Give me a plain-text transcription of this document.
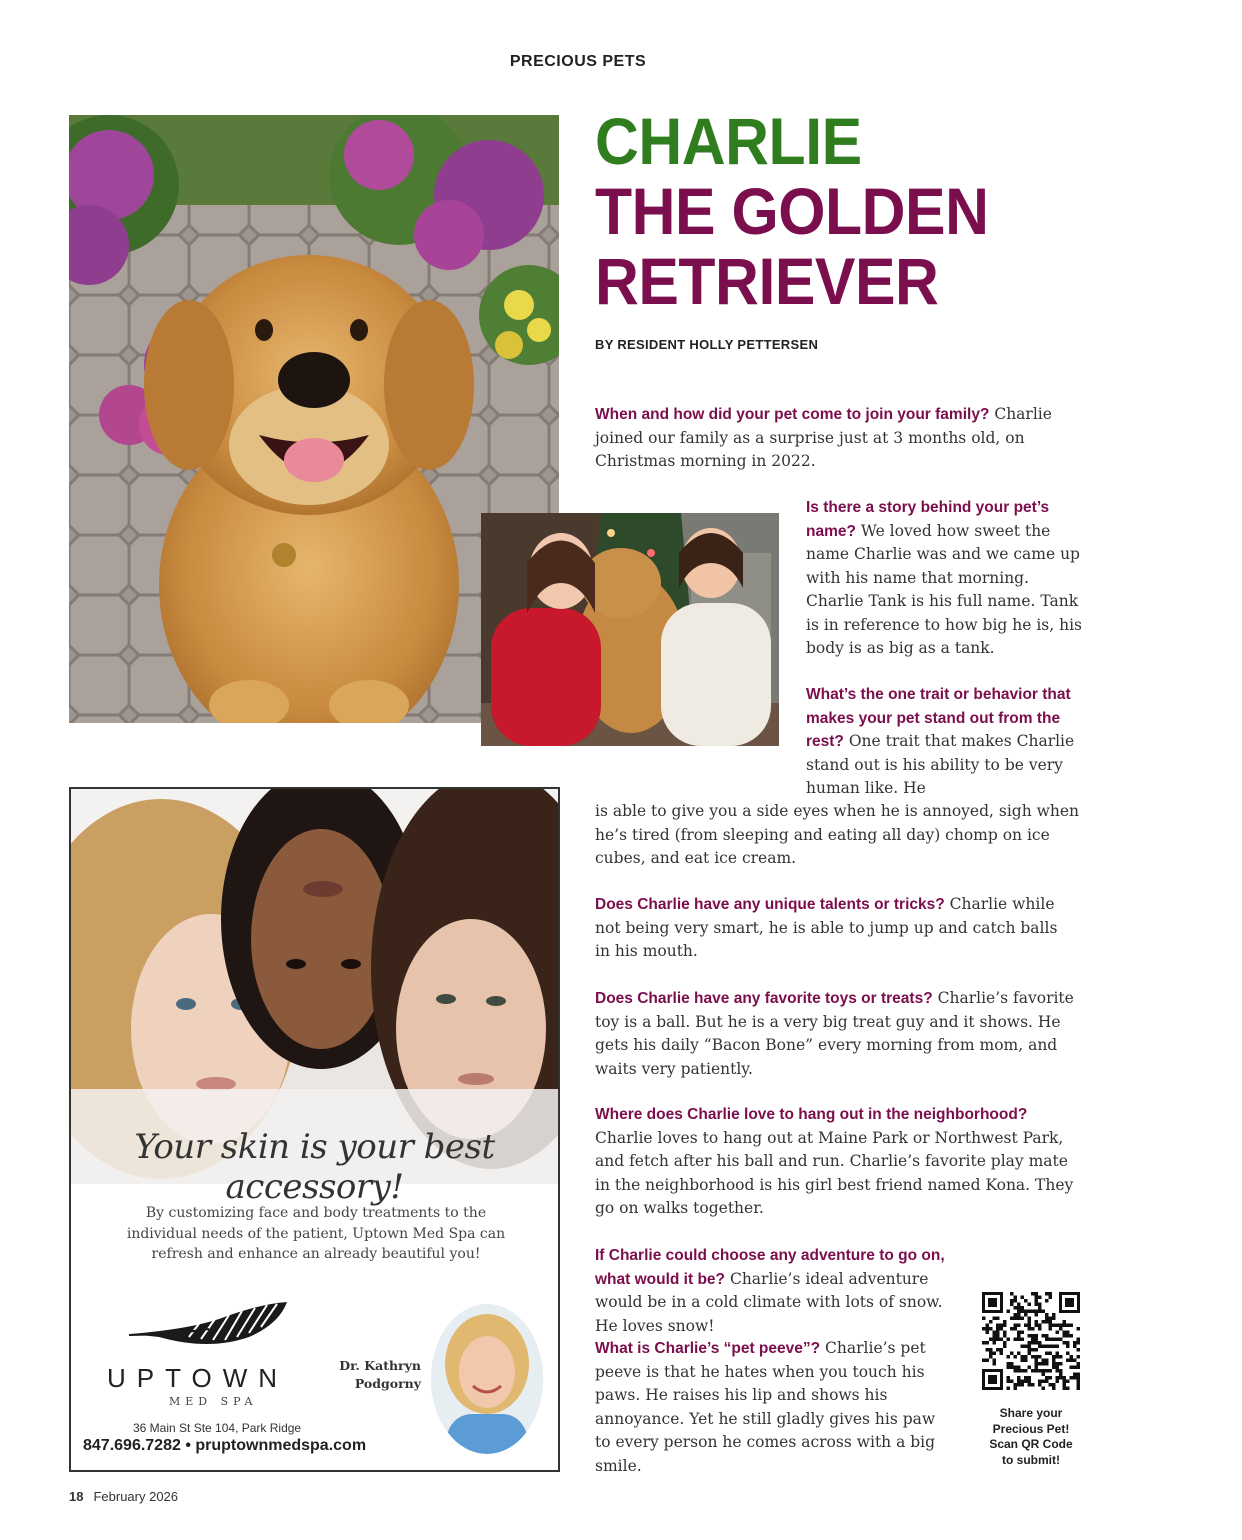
PRECIOUS PETS
CHARLIE
THE GOLDEN
RETRIEVER
BY RESIDENT HOLLY PETTERSEN

When and how did your pet come to join your family? Charlie joined our family as a surprise just at 3 months old, on Christmas morning in 2022.

Is there a story behind your pet’s name? We loved how sweet the name Charlie was and we came up with his name that morning. Charlie Tank is his full name. Tank is in reference to how big he is, his body is as big as a tank.

What’s the one trait or behavior that makes your pet stand out from the rest? One trait that makes Charlie stand out is his ability to be very human like. He

is able to give you a side eyes when he is annoyed, sigh when he’s tired (from sleeping and eating all day) chomp on ice cubes, and eat ice cream.

Does Charlie have any unique talents or tricks? Charlie while not being very smart, he is able to jump up and catch balls in his mouth.

Does Charlie have any favorite toys or treats? Charlie’s favorite toy is a ball. But he is a very big treat guy and it shows. He gets his daily “Bacon Bone” every morning from mom, and waits very patiently.

Where does Charlie love to hang out in the neighborhood? Charlie loves to hang out at Maine Park or Northwest Park, and fetch after his ball and run. Charlie’s favorite play mate in the neighborhood is his girl best friend named Kona. They go on walks together.

If Charlie could choose any adventure to go on, what would it be? Charlie’s ideal adventure would be in a cold climate with lots of snow. He loves snow!

What is Charlie’s “pet peeve”? Charlie’s pet peeve is that he hates when you touch his paws. He raises his lip and shows his annoyance. Yet he still gladly gives his paw to every person he comes across with a big smile.

Share your
Precious Pet!
Scan QR Code
to submit!
Your skin is your best accessory!
By customizing face and body treatments to the individual needs of the patient, Uptown Med Spa can refresh and enhance an already beautiful you!
UPTOWN
MED SPA
Dr. Kathryn
Podgorny
36 Main St Ste 104, Park Ridge
847.696.7282 • pruptownmedspa.com
18 February 2026
